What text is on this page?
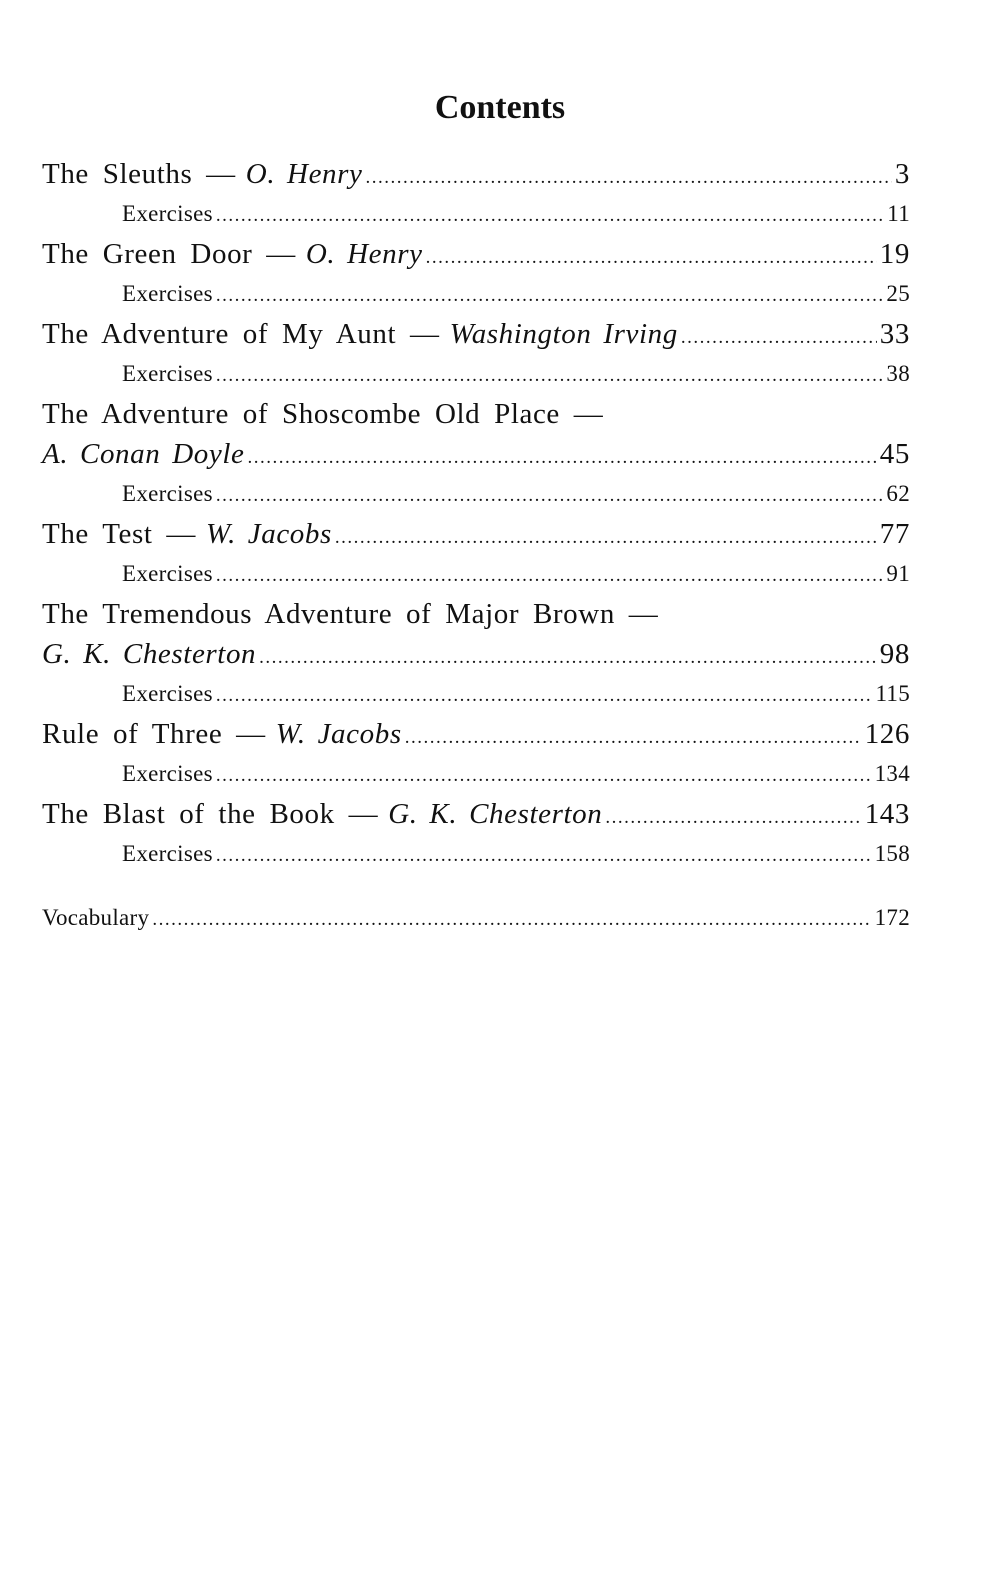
Contents
The Sleuths — O. Henry .....	3
Exercises .....	11
The Green Door — O. Henry .....	19
Exercises .....	25
The Adventure of My Aunt — Washington Irving .....	33
Exercises .....	38
The Adventure of Shoscombe Old Place —
A. Conan Doyle .....	45
Exercises .....	62
The Test — W. Jacobs .....	77
Exercises .....	91
The Tremendous Adventure of Major Brown —
G. K. Chesterton .....	98
Exercises .....	115
Rule of Three — W. Jacobs .....	126
Exercises .....	134
The Blast of the Book — G. K. Chesterton .....	143
Exercises .....	158
Vocabulary .....	172
